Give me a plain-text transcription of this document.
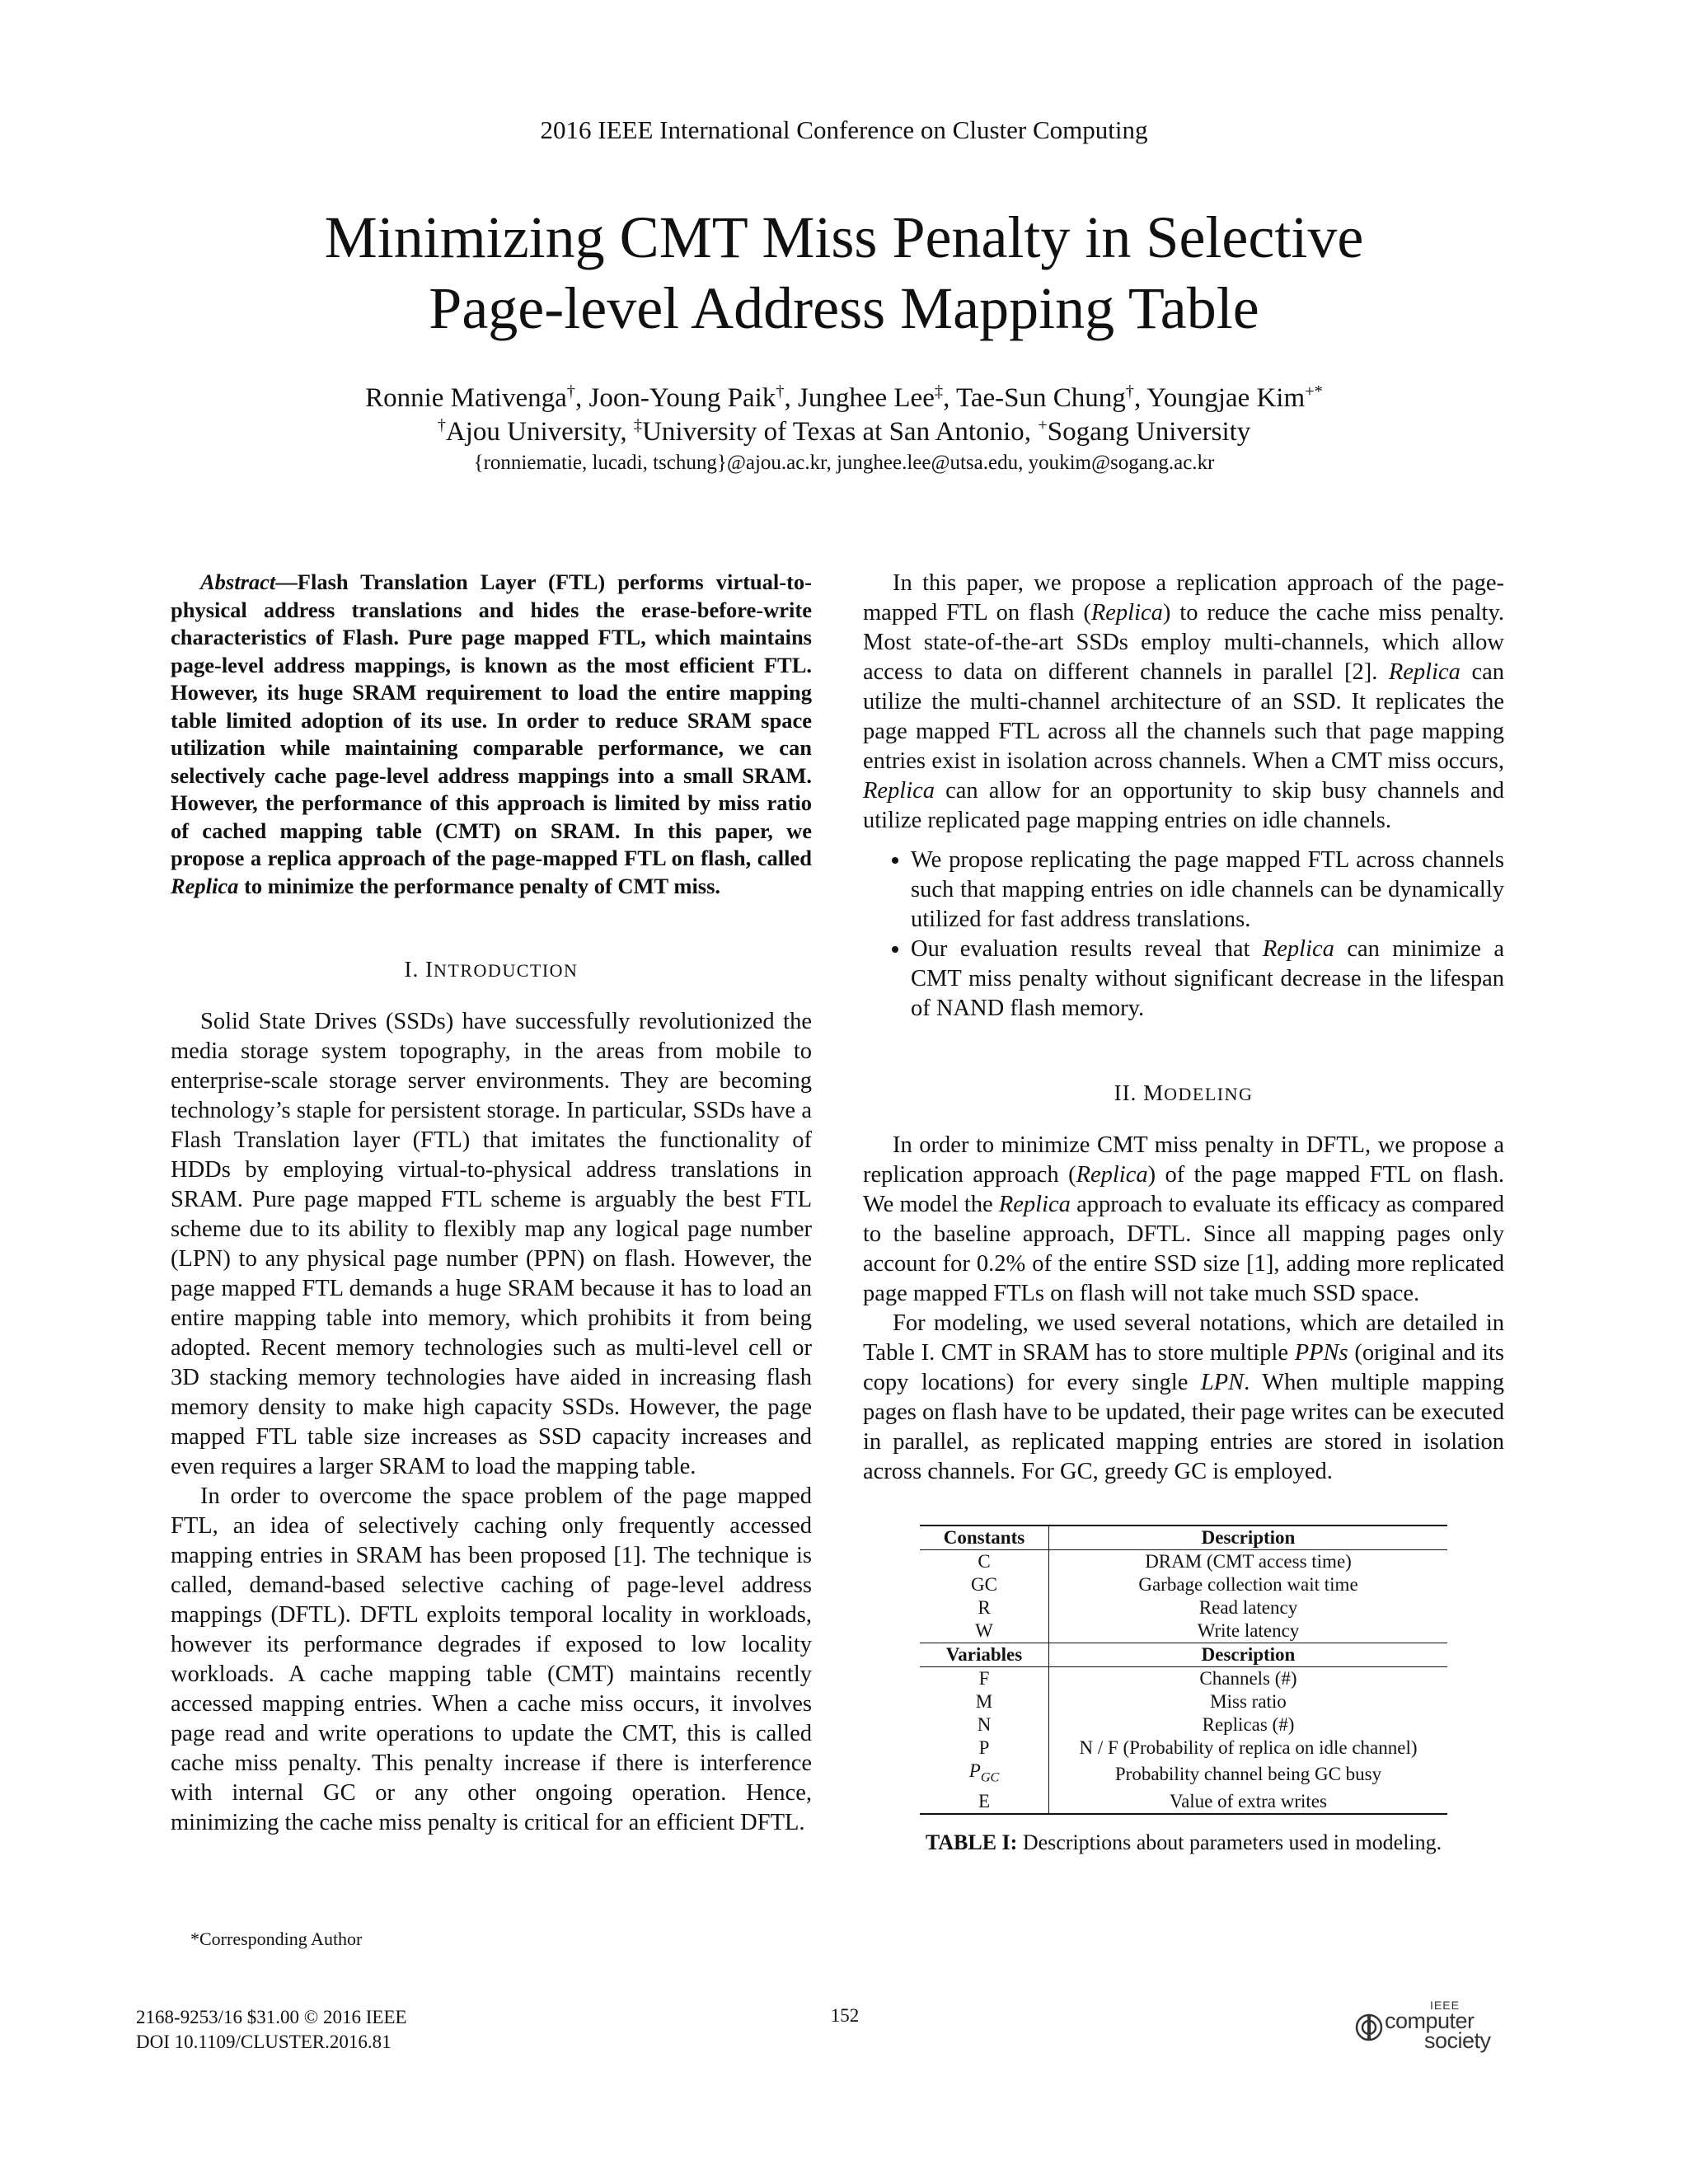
2016 IEEE International Conference on Cluster Computing
Minimizing CMT Miss Penalty in Selective
Page-level Address Mapping Table
Ronnie Mativenga†, Joon-Young Paik†, Junghee Lee‡, Tae-Sun Chung†, Youngjae Kim+*
†Ajou University, ‡University of Texas at San Antonio, +Sogang University
{ronniematie, lucadi, tschung}@ajou.ac.kr, junghee.lee@utsa.edu, youkim@sogang.ac.kr

Abstract—Flash Translation Layer (FTL) performs virtual-to-physical address translations and hides the erase-before-write characteristics of Flash. Pure page mapped FTL, which maintains page-level address mappings, is known as the most efficient FTL. However, its huge SRAM requirement to load the entire mapping table limited adoption of its use. In order to reduce SRAM space utilization while maintaining comparable performance, we can selectively cache page-level address mappings into a small SRAM. However, the performance of this approach is limited by miss ratio of cached mapping table (CMT) on SRAM. In this paper, we propose a replica approach of the page-mapped FTL on flash, called Replica to minimize the performance penalty of CMT miss.

I. INTRODUCTION

Solid State Drives (SSDs) have successfully revolutionized the media storage system topography, in the areas from mobile to enterprise-scale storage server environments. They are becoming technology’s staple for persistent storage. In particular, SSDs have a Flash Translation layer (FTL) that imitates the functionality of HDDs by employing virtual-to-physical address translations in SRAM. Pure page mapped FTL scheme is arguably the best FTL scheme due to its ability to flexibly map any logical page number (LPN) to any physical page number (PPN) on flash. However, the page mapped FTL demands a huge SRAM because it has to load an entire mapping table into memory, which prohibits it from being adopted. Recent memory technologies such as multi-level cell or 3D stacking memory technologies have aided in increasing flash memory density to make high capacity SSDs. However, the page mapped FTL table size increases as SSD capacity increases and even requires a larger SRAM to load the mapping table.

In order to overcome the space problem of the page mapped FTL, an idea of selectively caching only frequently accessed mapping entries in SRAM has been proposed [1]. The technique is called, demand-based selective caching of page-level address mappings (DFTL). DFTL exploits temporal locality in workloads, however its performance degrades if exposed to low locality workloads. A cache mapping table (CMT) maintains recently accessed mapping entries. When a cache miss occurs, it involves page read and write operations to update the CMT, this is called cache miss penalty. This penalty increase if there is interference with internal GC or any other ongoing operation. Hence, minimizing the cache miss penalty is critical for an efficient DFTL.

In this paper, we propose a replication approach of the page-mapped FTL on flash (Replica) to reduce the cache miss penalty. Most state-of-the-art SSDs employ multi-channels, which allow access to data on different channels in parallel [2]. Replica can utilize the multi-channel architecture of an SSD. It replicates the page mapped FTL across all the channels such that page mapping entries exist in isolation across channels. When a CMT miss occurs, Replica can allow for an opportunity to skip busy channels and utilize replicated page mapping entries on idle channels.

• We propose replicating the page mapped FTL across channels such that mapping entries on idle channels can be dynamically utilized for fast address translations.
• Our evaluation results reveal that Replica can minimize a CMT miss penalty without significant decrease in the lifespan of NAND flash memory.
II. MODELING

In order to minimize CMT miss penalty in DFTL, we propose a replication approach (Replica) of the page mapped FTL on flash. We model the Replica approach to evaluate its efficacy as compared to the baseline approach, DFTL. Since all mapping pages only account for 0.2% of the entire SSD size [1], adding more replicated page mapped FTLs on flash will not take much SSD space.

For modeling, we used several notations, which are detailed in Table I. CMT in SRAM has to store multiple PPNs (original and its copy locations) for every single LPN. When multiple mapping pages on flash have to be updated, their page writes can be executed in parallel, as replicated mapping entries are stored in isolation across channels. For GC, greedy GC is employed.

Constants	Description
C	DRAM (CMT access time)
GC	Garbage collection wait time
R	Read latency
W	Write latency
Variables	Description
F	Channels (#)
M	Miss ratio
N	Replicas (#)
P	N / F (Probability of replica on idle channel)
$P_{GC}$	Probability channel being GC busy
E	Value of extra writes
TABLE I: Descriptions about parameters used in modeling.
*Corresponding Author
2168-9253/16 $31.00 © 2016 IEEE
DOI 10.1109/CLUSTER.2016.81
152	IEEE
computer
society
